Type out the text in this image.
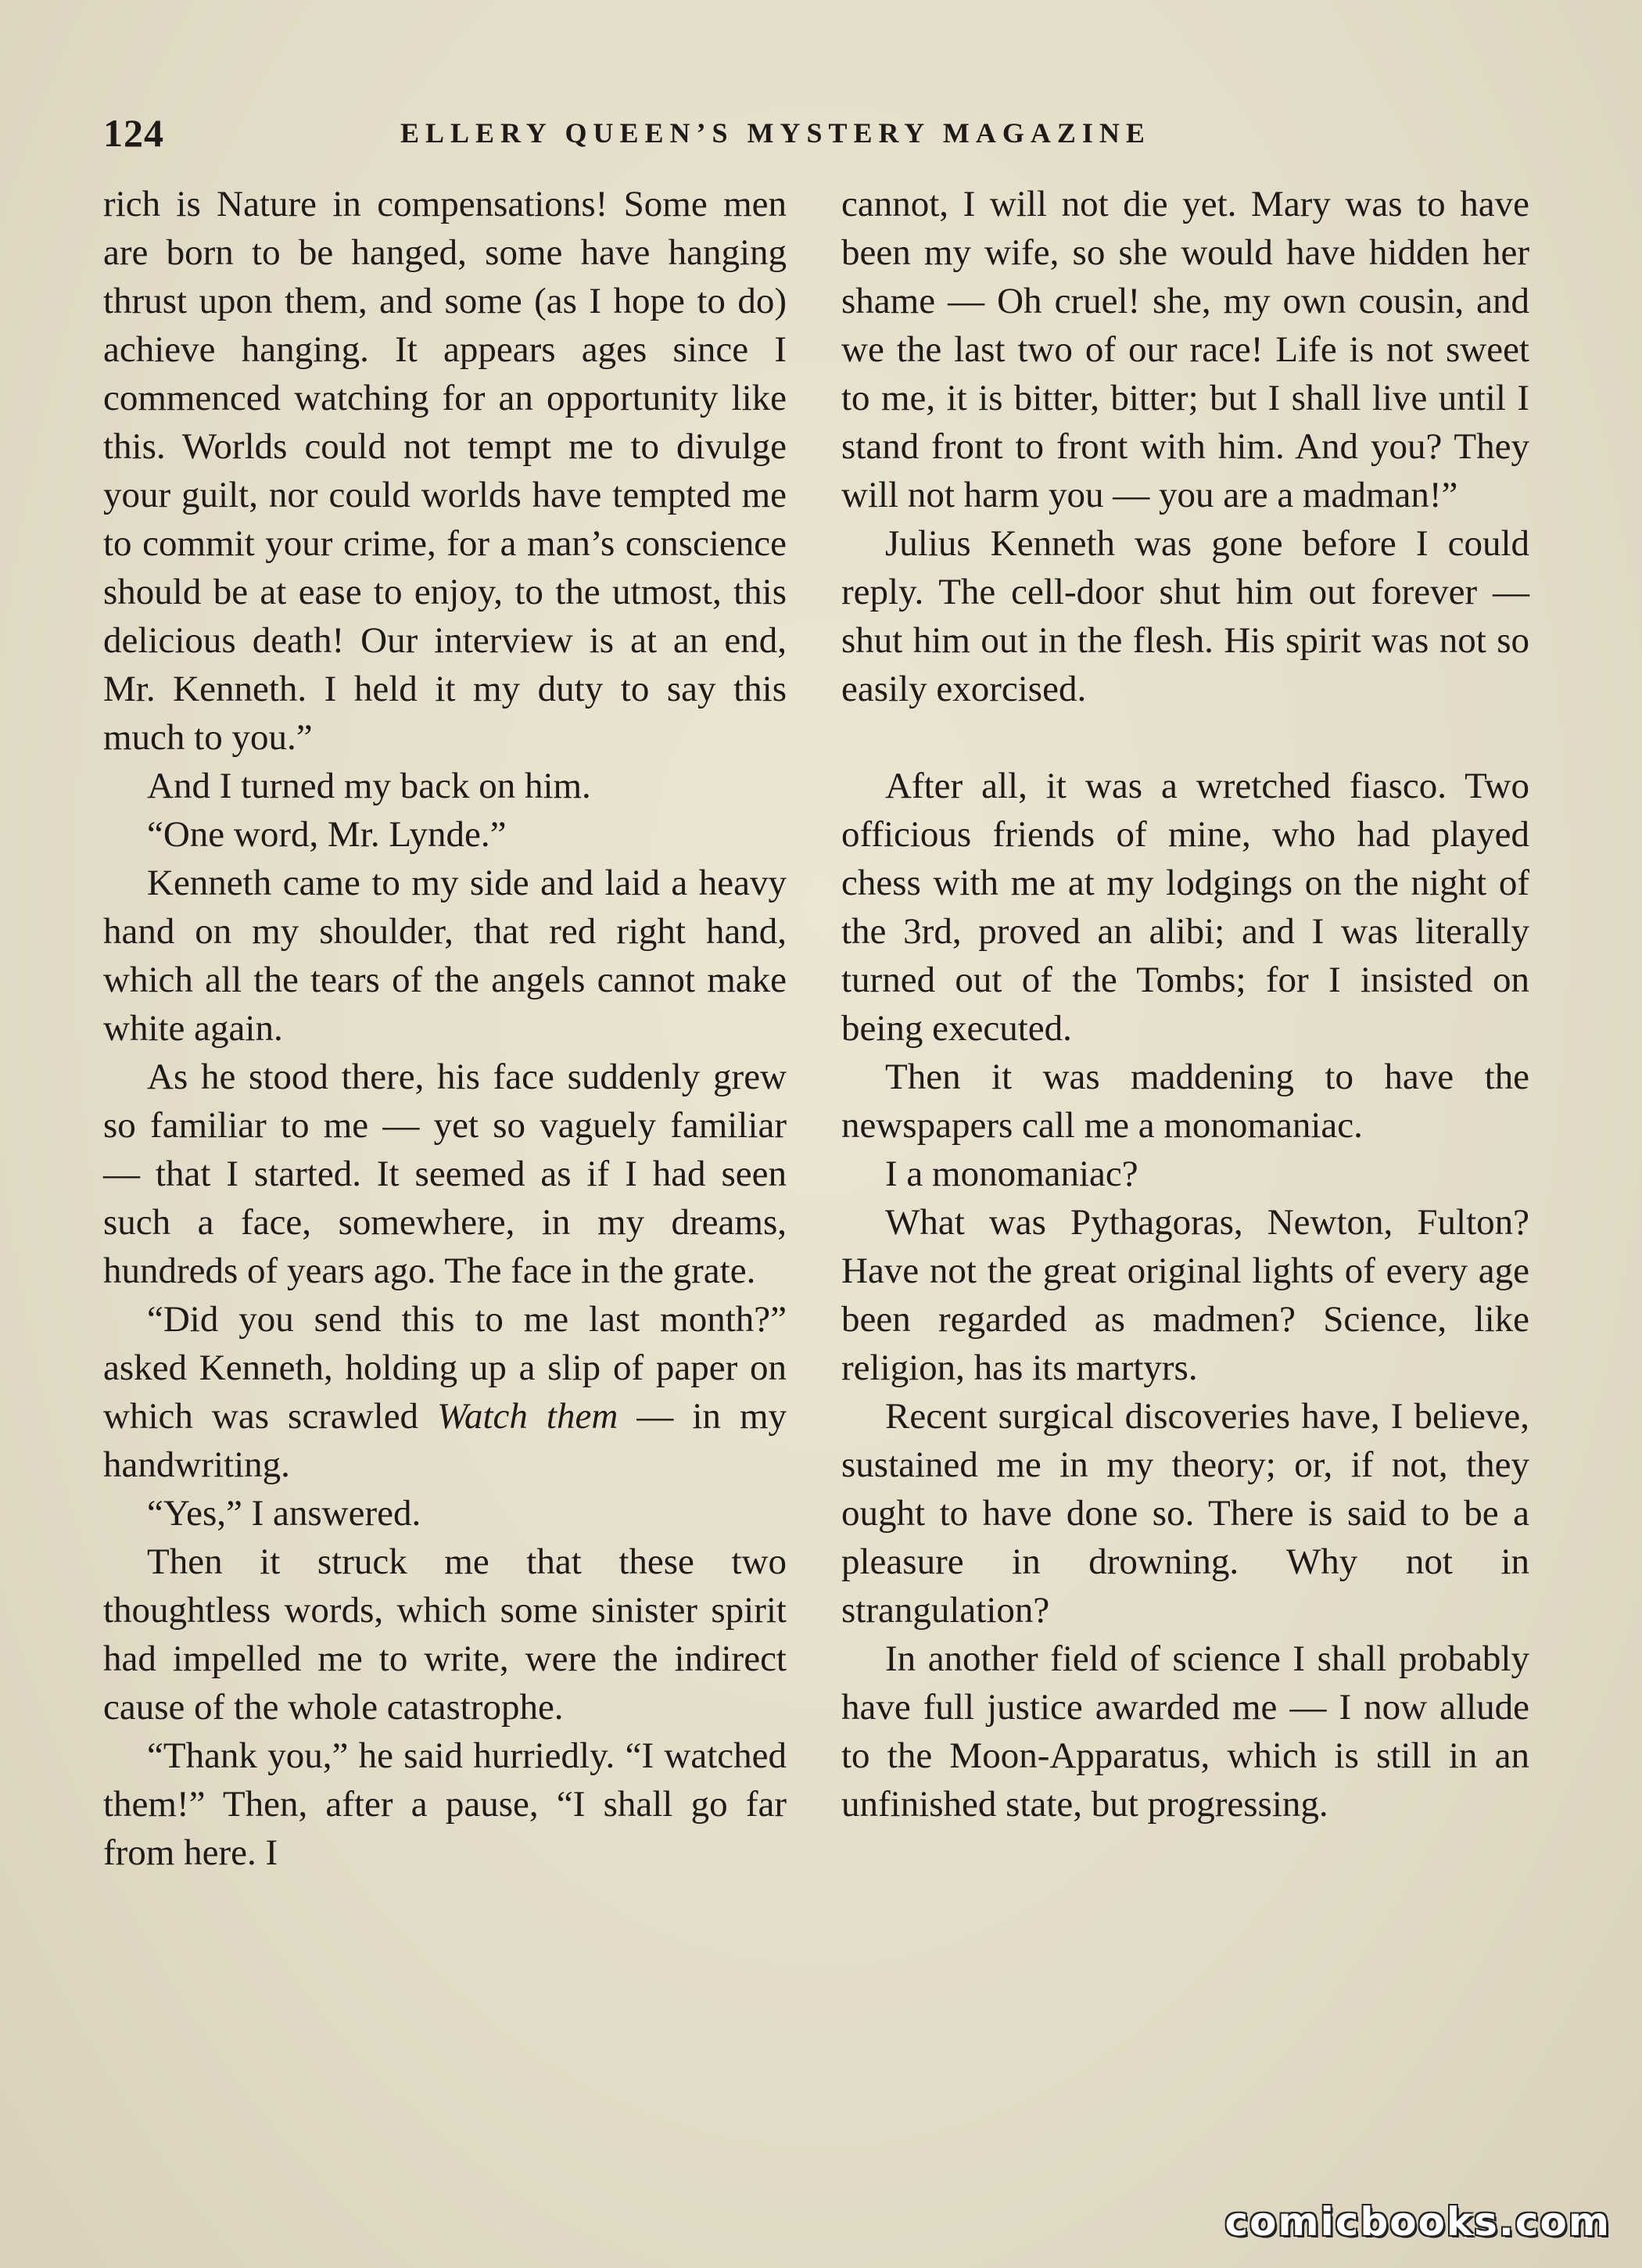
124	ELLERY QUEEN’S MYSTERY MAGAZINE

rich is Nature in compensations! Some men are born to be hanged, some have hanging thrust upon them, and some (as I hope to do) achieve hanging. It appears ages since I commenced watching for an opportunity like this. Worlds could not tempt me to divulge your guilt, nor could worlds have tempted me to commit your crime, for a man’s conscience should be at ease to enjoy, to the utmost, this delicious death! Our interview is at an end, Mr. Kenneth. I held it my duty to say this much to you.”

And I turned my back on him.

“One word, Mr. Lynde.”

Kenneth came to my side and laid a heavy hand on my shoulder, that red right hand, which all the tears of the angels cannot make white again.

As he stood there, his face suddenly grew so familiar to me — yet so vaguely familiar — that I started. It seemed as if I had seen such a face, somewhere, in my dreams, hundreds of years ago. The face in the grate.

“Did you send this to me last month?” asked Kenneth, holding up a slip of paper on which was scrawled Watch them — in my handwriting.

“Yes,” I answered.

Then it struck me that these two thoughtless words, which some sinister spirit had impelled me to write, were the indirect cause of the whole catastrophe.

“Thank you,” he said hurriedly. “I watched them!” Then, after a pause, “I shall go far from here. I

cannot, I will not die yet. Mary was to have been my wife, so she would have hidden her shame — Oh cruel! she, my own cousin, and we the last two of our race! Life is not sweet to me, it is bitter, bitter; but I shall live until I stand front to front with him. And you? They will not harm you — you are a madman!”

Julius Kenneth was gone before I could reply. The cell-door shut him out forever — shut him out in the flesh. His spirit was not so easily exorcised.

After all, it was a wretched fiasco. Two officious friends of mine, who had played chess with me at my lodgings on the night of the 3rd, proved an alibi; and I was literally turned out of the Tombs; for I insisted on being executed.

Then it was maddening to have the newspapers call me a monomaniac.

I a monomaniac?

What was Pythagoras, Newton, Fulton? Have not the great original lights of every age been regarded as madmen? Science, like religion, has its martyrs.

Recent surgical discoveries have, I believe, sustained me in my theory; or, if not, they ought to have done so. There is said to be a pleasure in drowning. Why not in strangulation?

In another field of science I shall probably have full justice awarded me — I now allude to the Moon-Apparatus, which is still in an unfinished state, but progressing.

comicbooks.com
